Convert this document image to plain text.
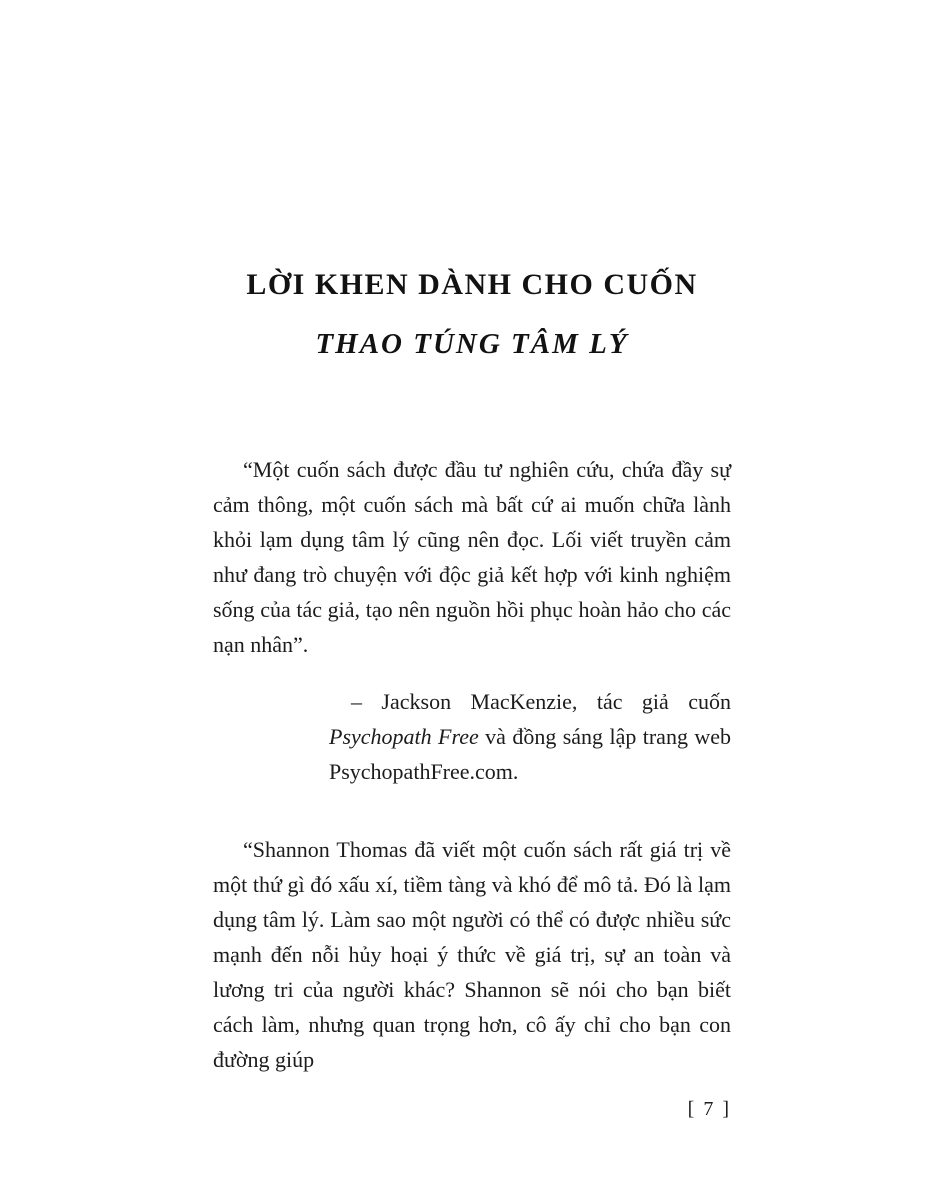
LỜI KHEN DÀNH CHO CUỐN
THAO TÚNG TÂM LÝ

“Một cuốn sách được đầu tư nghiên cứu, chứa đầy sự cảm thông, một cuốn sách mà bất cứ ai muốn chữa lành khỏi lạm dụng tâm lý cũng nên đọc. Lối viết truyền cảm như đang trò chuyện với độc giả kết hợp với kinh nghiệm sống của tác giả, tạo nên nguồn hồi phục hoàn hảo cho các nạn nhân”.

– Jackson MacKenzie, tác giả cuốn Psychopath Free và đồng sáng lập trang web PsychopathFree.com.

“Shannon Thomas đã viết một cuốn sách rất giá trị về một thứ gì đó xấu xí, tiềm tàng và khó để mô tả. Đó là lạm dụng tâm lý. Làm sao một người có thể có được nhiều sức mạnh đến nỗi hủy hoại ý thức về giá trị, sự an toàn và lương tri của người khác? Shannon sẽ nói cho bạn biết cách làm, nhưng quan trọng hơn, cô ấy chỉ cho bạn con đường giúp

[ 7 ]
